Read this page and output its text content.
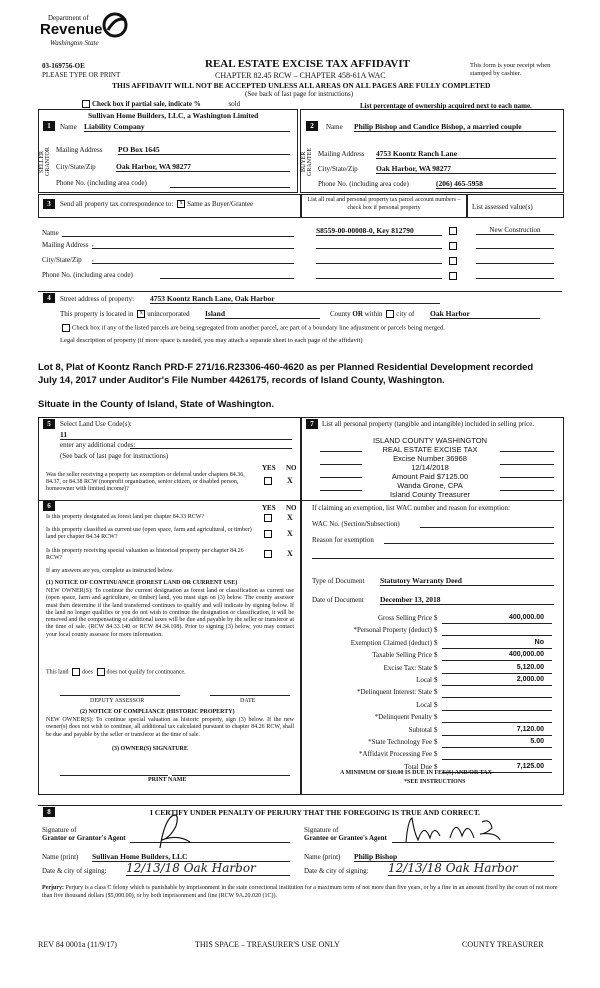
Department of
Revenue
Washington State
03-169756-OE
PLEASE TYPE OR PRINT
REAL ESTATE EXCISE TAX AFFIDAVIT
CHAPTER 82.45 RCW – CHAPTER 458-61A WAC
This form is your receipt when stamped by cashier.
THIS AFFIDAVIT WILL NOT BE ACCEPTED UNLESS ALL AREAS ON ALL PAGES ARE FULLY COMPLETED
(See back of last page for instructions)
Check box if partial sale, indicate %	sold	List percentage of ownership acquired next to each name.
1	2
SELLER GRANTOR	BUYER GRANTEE
Sullivan Home Builders, LLC, a Washington Limited
Name Liability Company
Mailing Address PO Box 1645
City/State/Zip	Oak Harbor, WA 98277
Phone No. (including area code)
Name Philip Bishop and Candice Bishop, a married couple
Mailing Address 4753 Koontz Ranch Lane
City/State/Zip Oak Harbor, WA 98277
Phone No. (including area code)	(206) 465-5958
3	Send all property tax correspondence to: x Same as Buyer/Grantee	List all real and personal property tax parcel account numbers – check box if personal property	List assessed value(s)
Name
Mailing Address ,
City/State/Zip ,
Phone No. (including area code)
S8559-00-00008-0, Key 812790	New Construction
4	Street address of property: 4753 Koontz Ranch Lane, Oak Harbor
This property is located in x unincorporated Island	County OR within city of Oak Harbor
Check box if any of the listed parcels are being segregated from another parcel, are part of a boundary line adjustment or parcels being merged.
Legal description of property (if more space is needed, you may attach a separate sheet to each page of the affidavit)
Lot 8, Plat of Koontz Ranch PRD-F 271/16.R23306-460-4620 as per Planned Residential Development recorded
July 14, 2017 under Auditor's File Number 4426175, records of Island County, Washington.
Situate in the County of Island, State of Washington.
5	Select Land Use Code(s):
11
enter any additional codes:
(See back of last page for instructions)
YES NO
Was the seller receiving a property tax exemption or deferral under chapters 84.36, 84.37, or 84.38 RCW (nonprofit organization, senior citizen, or disabled person, homeowner with limited income)?
X
6	YES NO
Is this property designated as forest land per chapter 84.33 RCW?	X
Is this property classified as current use (open space, farm and agricultural, or timber) land per chapter 84.34 RCW?	X
Is this property receiving special valuation as historical property per chapter 84.26 RCW?	X
If any answers are yes, complete as instructed below.
(1) NOTICE OF CONTINUANCE (FOREST LAND OR CURRENT USE)
NEW OWNER(S): To continue the current designation as forest land or classification as current use (open space, farm and agriculture, or timber) land, you must sign on (3) below. The county assessor must then determine if the land transferred continues to qualify and will indicate by signing below. If the land no longer qualifies or you do not wish to continue the designation or classification, it will be removed and the compensating or additional taxes will be due and payable by the seller or transferor at the time of sale. (RCW 84.33.140 or RCW 84.34.108). Prior to signing (3) below, you may contact your local county assessor for more information.
This land does does not qualify for continuance.
DEPUTY ASSESSOR	DATE
(2) NOTICE OF COMPLIANCE (HISTORIC PROPERTY)
NEW OWNER(S): To continue special valuation as historic property, sign (3) below. If the new owner(s) does not wish to continue, all additional tax calculated pursuant to chapter 84.26 RCW, shall be due and payable by the seller or transferor at the time of sale.
(3) OWNER(S) SIGNATURE
PRINT NAME
7	List all personal property (tangible and intangible) included in selling price.
ISLAND COUNTY WASHINGTON
REAL ESTATE EXCISE TAX
Excise Number 36968
12/14/2018
Amount Paid $7125.00
Wanda Grone, CPA
Island County Treasurer
If claiming an exemption, list WAC number and reason for exemption:
WAC No. (Section/Subsection)
Reason for exemption
Type of Document Statutory Warranty Deed
Date of Document December 13, 2018
Gross Selling Price $	400,000.00
*Personal Property (deduct) $
Exemption Claimed (deduct) $	No
Taxable Selling Price $	400,000.00
Excise Tax: State $	5,120.00
Local $	2,000.00
*Delinquent Interest: State $
Local $
*Delinquent Penalty $
Subtotal $	7,120.00
*State Technology Fee $	5.00
*Affidavit Processing Fee $
Total Due $	7,125.00
A MINIMUM OF $10.00 IS DUE IN FEE(S) AND/OR TAX
*SEE INSTRUCTIONS
8	I CERTIFY UNDER PENALTY OF PERJURY THAT THE FOREGOING IS TRUE AND CORRECT.
Signature of
Grantor or Grantor's Agent
Signature of
Grantee or Grantee's Agent
Name (print) Sullivan Home Builders, LLC	Name (print) Philip Bishop
Date & city of signing: 12/13/18 Oak Harbor	Date & city of signing: 12/13/18 Oak Harbor
Perjury: Perjury is a class C felony which is punishable by imprisonment in the state correctional institution for a maximum term of not more than five years, or by a fine in an amount fixed by the court of not more than five thousand dollars ($5,000.00), or by both imprisonment and fine (RCW 9A.20.020 (1C)).
REV 84 0001a (11/9/17)	THIS SPACE – TREASURER'S USE ONLY	COUNTY TREASURER
